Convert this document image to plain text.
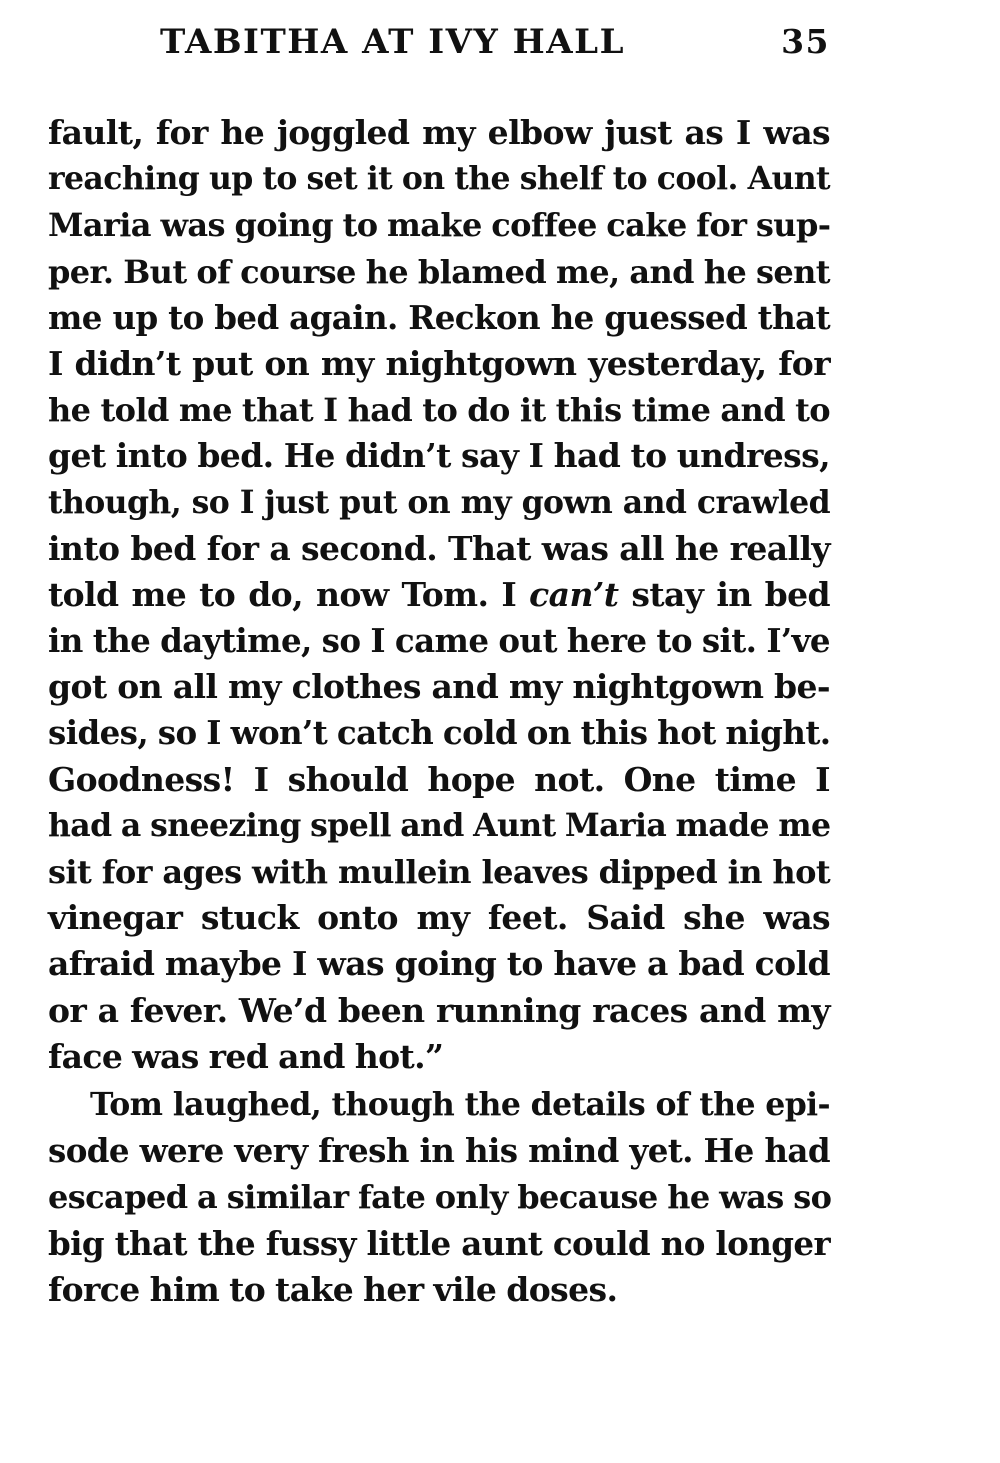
TABITHA AT IVY HALL	35
fault, for he joggled my elbow just as I was
reaching up to set it on the shelf to cool. Aunt
Maria was going to make coffee cake for sup-
per. But of course he blamed me, and he sent
me up to bed again. Reckon he guessed that
I didn’t put on my nightgown yesterday, for
he told me that I had to do it this time and to
get into bed. He didn’t say I had to undress,
though, so I just put on my gown and crawled
into bed for a second. That was all he really
told me to do, now Tom. I can’t stay in bed
in the daytime, so I came out here to sit. I’ve
got on all my clothes and my nightgown be-
sides, so I won’t catch cold on this hot night.
Goodness! I should hope not. One time I
had a sneezing spell and Aunt Maria made me
sit for ages with mullein leaves dipped in hot
vinegar stuck onto my feet. Said she was
afraid maybe I was going to have a bad cold
or a fever. We’d been running races and my
face was red and hot.”
Tom laughed, though the details of the epi-
sode were very fresh in his mind yet. He had
escaped a similar fate only because he was so
big that the fussy little aunt could no longer
force him to take her vile doses.
